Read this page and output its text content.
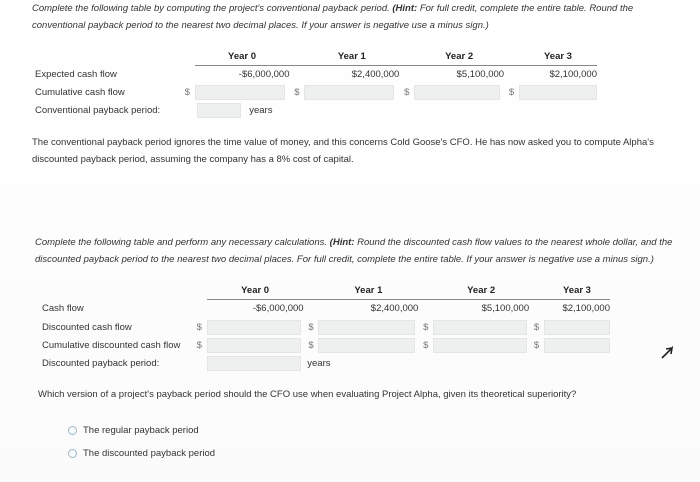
Complete the following table by computing the project's conventional payback period. (Hint: For full credit, complete the entire table. Round the conventional payback period to the nearest two decimal places. If your answer is negative use a minus sign.)
		Year 0		Year 1		Year 2		Year 3
Expected cash flow		-$6,000,000		$2,400,000		$5,100,000		$2,100,000
Cumulative cash flow	$		$		$		$	
Conventional payback period:		years						
The conventional payback period ignores the time value of money, and this concerns Cold Goose's CFO. He has now asked you to compute Alpha's discounted payback period, assuming the company has a 8% cost of capital.
Complete the following table and perform any necessary calculations. (Hint: Round the discounted cash flow values to the nearest whole dollar, and the discounted payback period to the nearest two decimal places. For full credit, complete the entire table. If your answer is negative use a minus sign.)
		Year 0		Year 1		Year 2		Year 3
Cash flow		-$6,000,000		$2,400,000		$5,100,000		$2,100,000
Discounted cash flow	$		$		$		$	
Cumulative discounted cash flow	$		$		$		$	
Discounted payback period:		years						
Which version of a project's payback period should the CFO use when evaluating Project Alpha, given its theoretical superiority?
The regular payback period
The discounted payback period
